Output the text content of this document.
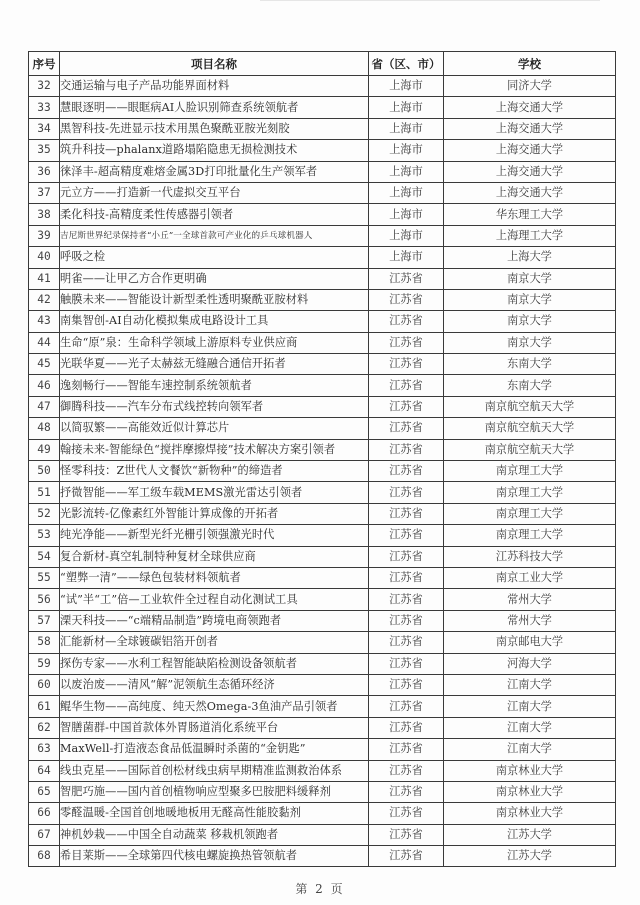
序号	项目名称	省（区、市）	学校
32	交通运输与电子产品功能界面材料	上海市	同济大学
33	慧眼逐明——眼眶病AI人脸识别筛查系统领航者	上海市	上海交通大学
34	黑智科技-先进显示技术用黑色聚酰亚胺光刻胶	上海市	上海交通大学
35	筑升科技—phalanx道路塌陷隐患无损检测技术	上海市	上海交通大学
36	徕泽丰-超高精度难熔金属3D打印批量化生产领军者	上海市	上海交通大学
37	元立方——打造新一代虚拟交互平台	上海市	上海交通大学
38	柔化科技-高精度柔性传感器引领者	上海市	华东理工大学
39	吉尼斯世界纪录保持者“小丘”一全球首款可产业化的乒乓球机器人	上海市	上海理工大学
40	呼吸之检	上海市	上海大学
41	明雀——让甲乙方合作更明确	江苏省	南京大学
42	触膜未来——智能设计新型柔性透明聚酰亚胺材料	江苏省	南京大学
43	南集智创-AI自动化模拟集成电路设计工具	江苏省	南京大学
44	生命“原”泉：生命科学领域上游原料专业供应商	江苏省	南京大学
45	光联华夏——光子太赫兹无缝融合通信开拓者	江苏省	东南大学
46	逸刻畅行——智能车速控制系统领航者	江苏省	东南大学
47	御腾科技——汽车分布式线控转向领军者	江苏省	南京航空航天大学
48	以简驭繁——高能效近似计算芯片	江苏省	南京航空航天大学
49	翰接未来-智能绿色“搅拌摩擦焊接”技术解决方案引领者	江苏省	南京航空航天大学
50	怪零科技：Z世代人文餐饮“新物种”的缔造者	江苏省	南京理工大学
51	抒微智能——军工级车载MEMS激光雷达引领者	江苏省	南京理工大学
52	光影流转-亿像素红外智能计算成像的开拓者	江苏省	南京理工大学
53	纯光净能——新型光纤光栅引领强激光时代	江苏省	南京理工大学
54	复合新材-真空轧制特种复材全球供应商	江苏省	江苏科技大学
55	“塑弊一清”——绿色包装材料领航者	江苏省	南京工业大学
56	“试”半“工”倍—工业软件全过程自动化测试工具	江苏省	常州大学
57	溧天科技——“c端精品制造”跨境电商领跑者	江苏省	常州大学
58	汇能新材—全球镀碳铝箔开创者	江苏省	南京邮电大学
59	探伤专家——水利工程智能缺陷检测设备领航者	江苏省	河海大学
60	以废治废——清风“解”泥领航生态循环经济	江苏省	江南大学
61	鲲华生物——高纯度、纯天然Omega-3鱼油产品引领者	江苏省	江南大学
62	智膳菌群-中国首款体外胃肠道消化系统平台	江苏省	江南大学
63	MaxWell-打造液态食品低温瞬时杀菌的“金钥匙”	江苏省	江南大学
64	线虫克星——国际首创松材线虫病早期精准监测救治体系	江苏省	南京林业大学
65	智肥巧施——国内首创植物响应型聚多巴胺肥料缓释剂	江苏省	南京林业大学
66	零醛温暖-全国首创地暖地板用无醛高性能胶黏剂	江苏省	南京林业大学
67	神机妙栽——中国全自动蔬菜 移栽机领跑者	江苏省	江苏大学
68	希目莱斯——全球第四代核电螺旋换热管领航者	江苏省	江苏大学
第 2 页
